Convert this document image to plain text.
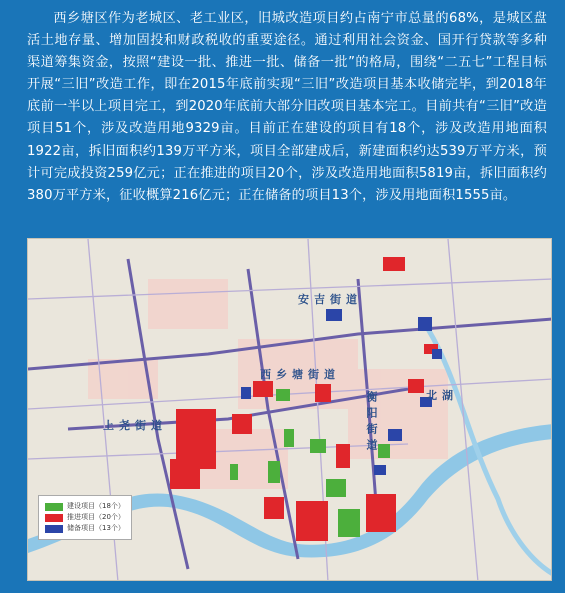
西乡塘区作为老城区、老工业区，旧城改造项目约占南宁市总量的68%，是城区盘活土地存量、增加固投和财政税收的重要途径。通过利用社会资金、国开行贷款等多种渠道筹集资金，按照“建设一批、推进一批、储备一批”的格局，围绕“二五七”工程目标开展“三旧”改造工作，即在2015年底前实现“三旧”改造项目基本收储完毕，到2018年底前一半以上项目完工，到2020年底前大部分旧改项目基本完工。目前共有“三旧”改造项目51个，涉及改造用地9329亩。目前正在建设的项目有18个，涉及改造用地面积1922亩，拆旧面积约139万平方米，项目全部建成后，新建面积约达539万平方米，预计可完成投资259亿元；正在推进的项目20个，涉及改造用地面积5819亩，拆旧面积约380万平方米，征收概算216亿元；正在储备的项目13个，涉及用地面积1555亩。
安吉街道
西乡塘街道
衡阳街道	北湖
上尧街道
建设项目（18个）
推进项目（20个）
储备项目（13个）
